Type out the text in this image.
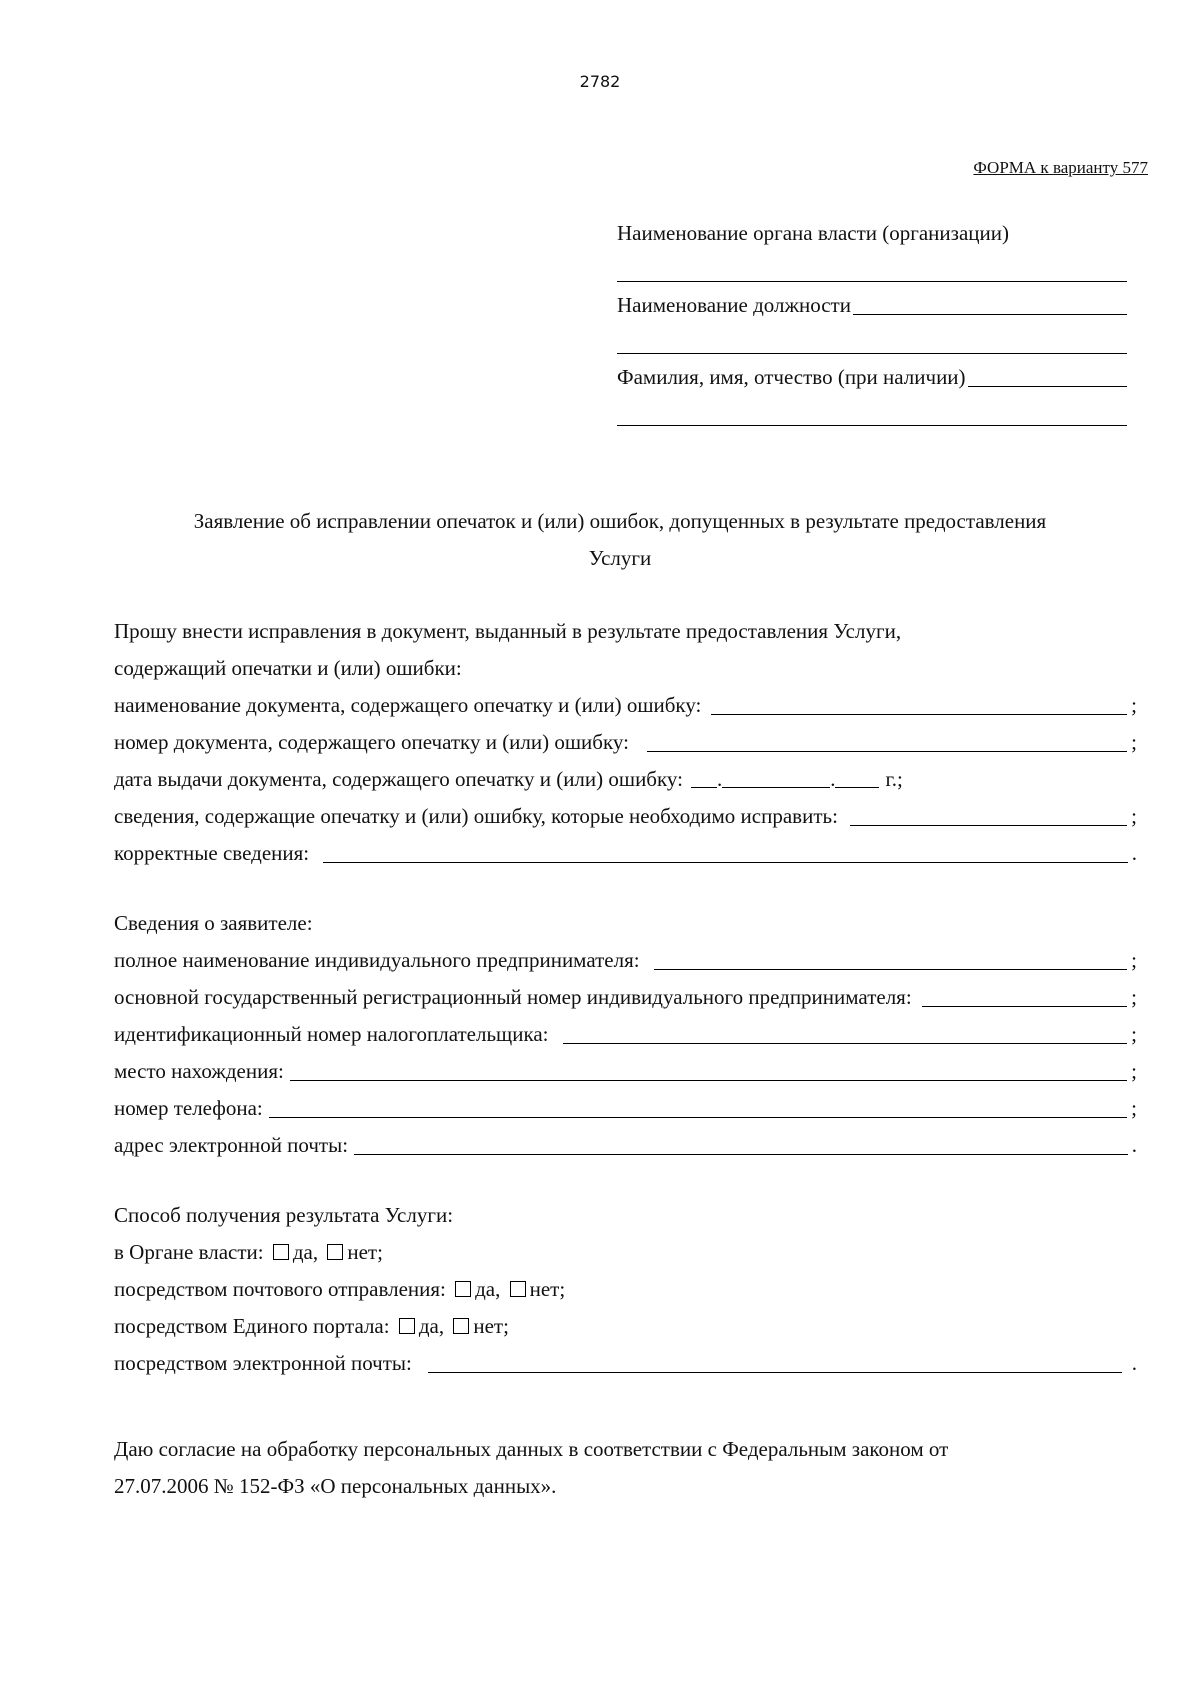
2782
ФОРМА к варианту 577
Наименование органа власти (организации)
Наименование должности
Фамилия, имя, отчество (при наличии)
Заявление об исправлении опечаток и (или) ошибок, допущенных в результате предоставления
Услуги
Прошу внести исправления в документ, выданный в результате предоставления Услуги,
содержащий опечатки и (или) ошибки:
наименование документа, содержащего опечатку и (или) ошибку:	;
номер документа, содержащего опечатку и (или) ошибку:	;
дата выдачи документа, содержащего опечатку и (или) ошибку:	.	.	г.;
сведения, содержащие опечатку и (или) ошибку, которые необходимо исправить:	;
корректные сведения:	.
Сведения о заявителе:
полное наименование индивидуального предпринимателя:	;
основной государственный регистрационный номер индивидуального предпринимателя:	;
идентификационный номер налогоплательщика:	;
место нахождения:	;
номер телефона:	;
адрес электронной почты:	.
Способ получения результата Услуги:
в Органе власти: да, нет;
посредством почтового отправления: да, нет;
посредством Единого портала: да, нет;
посредством электронной почты:	.
Даю согласие на обработку персональных данных в соответствии с Федеральным законом от
27.07.2006 № 152-ФЗ «О персональных данных».
